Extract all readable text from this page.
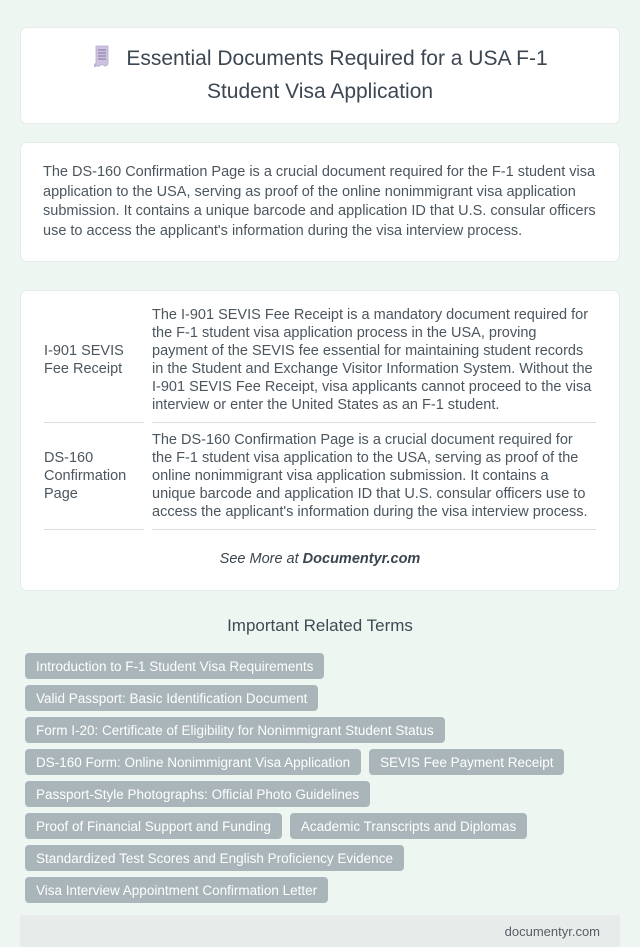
Essential Documents Required for a USA F-1 Student Visa Application

The DS-160 Confirmation Page is a crucial document required for the F-1 student visa application to the USA, serving as proof of the online nonimmigrant visa application submission. It contains a unique barcode and application ID that U.S. consular officers use to access the applicant's information during the visa interview process.

I-901 SEVIS Fee Receipt	The I-901 SEVIS Fee Receipt is a mandatory document required for the F-1 student visa application process in the USA, proving payment of the SEVIS fee essential for maintaining student records in the Student and Exchange Visitor Information System. Without the I-901 SEVIS Fee Receipt, visa applicants cannot proceed to the visa interview or enter the United States as an F-1 student.
DS-160 Confirmation Page	The DS-160 Confirmation Page is a crucial document required for the F-1 student visa application to the USA, serving as proof of the online nonimmigrant visa application submission. It contains a unique barcode and application ID that U.S. consular officers use to access the applicant's information during the visa interview process.
See More at Documentyr.com
Important Related Terms
Introduction to F-1 Student Visa Requirements
Valid Passport: Basic Identification Document
Form I-20: Certificate of Eligibility for Nonimmigrant Student Status
DS-160 Form: Online Nonimmigrant Visa Application	SEVIS Fee Payment Receipt
Passport-Style Photographs: Official Photo Guidelines
Proof of Financial Support and Funding	Academic Transcripts and Diplomas
Standardized Test Scores and English Proficiency Evidence
Visa Interview Appointment Confirmation Letter
documentyr.com
